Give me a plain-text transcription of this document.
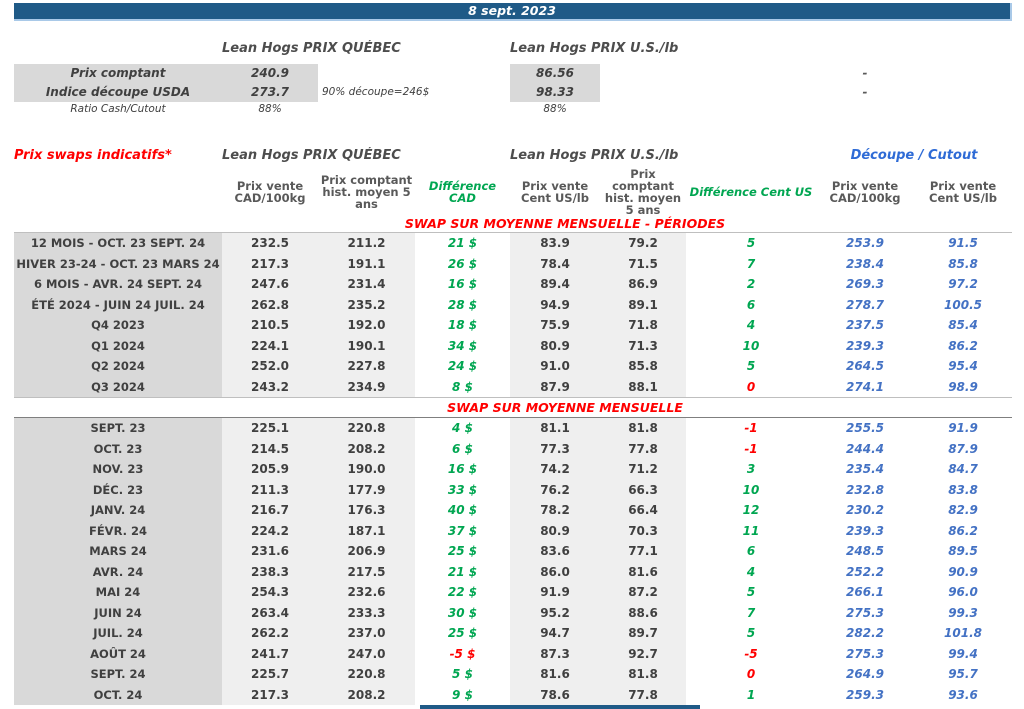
8 sept. 2023
Lean Hogs PRIX QUÉBEC	Lean Hogs PRIX U.S./lb
Prix comptant	240.9	86.56	-
Indice découpe USDA	273.7	90% découpe=246$	98.33	-
Ratio Cash/Cutout	88%	88%
Prix swaps indicatifs*	Lean Hogs PRIX QUÉBEC	Lean Hogs PRIX U.S./lb	Découpe / Cutout
Prix vente CAD/100kg
Prix comptant hist. moyen 5 ans
Différence CAD
Prix vente Cent US/lb
Prix comptant hist. moyen 5 ans
Différence Cent US	Prix vente CAD/100kg
Prix vente Cent US/lb
SWAP SUR MOYENNE MENSUELLE - PÉRIODES
12 MOIS - OCT. 23 SEPT. 24	232.5	211.2	21 $	83.9	79.2	5	253.9	91.5
HIVER 23-24 - OCT. 23 MARS 24	217.3	191.1	26 $	78.4	71.5	7	238.4	85.8
6 MOIS - AVR. 24 SEPT. 24	247.6	231.4	16 $	89.4	86.9	2	269.3	97.2
ÉTÉ 2024 - JUIN 24 JUIL. 24	262.8	235.2	28 $	94.9	89.1	6	278.7	100.5
Q4 2023	210.5	192.0	18 $	75.9	71.8	4	237.5	85.4
Q1 2024	224.1	190.1	34 $	80.9	71.3	10	239.3	86.2
Q2 2024	252.0	227.8	24 $	91.0	85.8	5	264.5	95.4
Q3 2024	243.2	234.9	8 $	87.9	88.1	0	274.1	98.9
SWAP SUR MOYENNE MENSUELLE
SEPT. 23	225.1	220.8	4 $	81.1	81.8	-1	255.5	91.9
OCT. 23	214.5	208.2	6 $	77.3	77.8	-1	244.4	87.9
NOV. 23	205.9	190.0	16 $	74.2	71.2	3	235.4	84.7
DÉC. 23	211.3	177.9	33 $	76.2	66.3	10	232.8	83.8
JANV. 24	216.7	176.3	40 $	78.2	66.4	12	230.2	82.9
FÉVR. 24	224.2	187.1	37 $	80.9	70.3	11	239.3	86.2
MARS 24	231.6	206.9	25 $	83.6	77.1	6	248.5	89.5
AVR. 24	238.3	217.5	21 $	86.0	81.6	4	252.2	90.9
MAI 24	254.3	232.6	22 $	91.9	87.2	5	266.1	96.0
JUIN 24	263.4	233.3	30 $	95.2	88.6	7	275.3	99.3
JUIL. 24	262.2	237.0	25 $	94.7	89.7	5	282.2	101.8
AOÛT 24	241.7	247.0	-5 $	87.3	92.7	-5	275.3	99.4
SEPT. 24	225.7	220.8	5 $	81.6	81.8	0	264.9	95.7
OCT. 24	217.3	208.2	9 $	78.6	77.8	1	259.3	93.6
